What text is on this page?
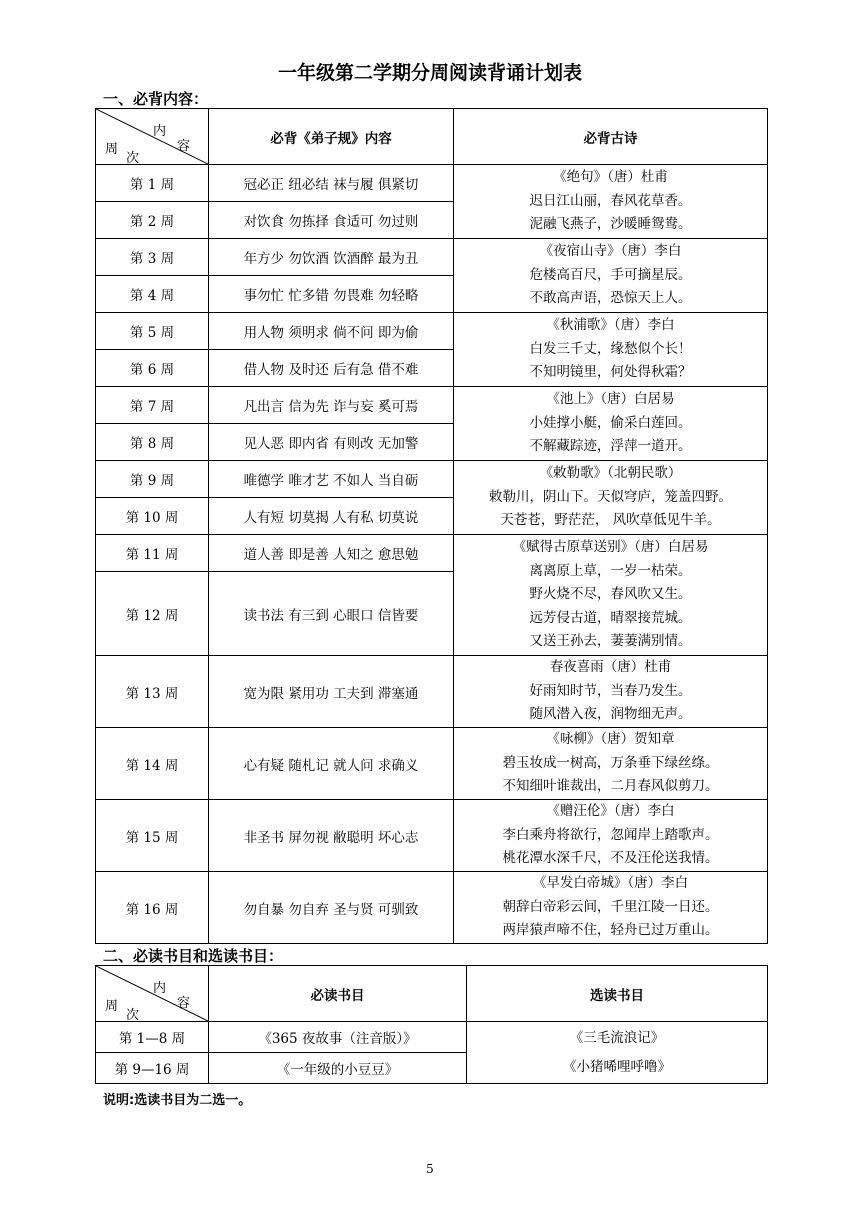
一年级第二学期分周阅读背诵计划表
一、必背内容：
内
容
周
次	必背《弟子规》内容	必背古诗
第 1 周	冠必正 纽必结 袜与履 俱紧切	《绝句》（唐）杜甫
迟日江山丽，春风花草香。
泥融飞燕子，沙暖睡鸳鸯。

第 2 周	对饮食 勿拣择 食适可 勿过则	
第 3 周	年方少 勿饮酒 饮酒醉 最为丑	《夜宿山寺》（唐）李白
危楼高百尺，手可摘星辰。
不敢高声语，恐惊天上人。

第 4 周	事勿忙 忙多错 勿畏难 勿轻略	
第 5 周	用人物 须明求 倘不问 即为偷	《秋浦歌》（唐）李白
白发三千丈，缘愁似个长！
不知明镜里，何处得秋霜？

第 6 周	借人物 及时还 后有急 借不难	
第 7 周	凡出言 信为先 诈与妄 奚可焉	《池上》（唐）白居易
小娃撑小艇，偷采白莲回。
不解藏踪迹，浮萍一道开。

第 8 周	见人恶 即内省 有则改 无加警	
第 9 周	唯德学 唯才艺 不如人 当自砺	《敕勒歌》（北朝民歌）
敕勒川，阴山下。天似穹庐，笼盖四野。
天苍苍，野茫茫， 风吹草低见牛羊。

第 10 周	人有短 切莫揭 人有私 切莫说	
第 11 周	道人善 即是善 人知之 愈思勉	《赋得古原草送别》（唐）白居易
离离原上草，一岁一枯荣。
野火烧不尽，春风吹又生。
远芳侵古道，晴翠接荒城。
又送王孙去，萋萋满别情。

第 12 周	读书法 有三到 心眼口 信皆要	
第 13 周	宽为限 紧用功 工夫到 滞塞通	春夜喜雨（唐）杜甫
好雨知时节，当春乃发生。
随风潜入夜，润物细无声。

第 14 周	心有疑 随札记 就人问 求确义	《咏柳》（唐）贺知章
碧玉妆成一树高，万条垂下绿丝绦。
不知细叶谁裁出，二月春风似剪刀。

第 15 周	非圣书 屏勿视 敝聪明 坏心志	《赠汪伦》（唐）李白
李白乘舟将欲行，忽闻岸上踏歌声。
桃花潭水深千尺，不及汪伦送我情。

第 16 周	勿自暴 勿自弃 圣与贤 可驯致	《早发白帝城》（唐）李白
朝辞白帝彩云间，千里江陵一日还。
两岸猿声啼不住，轻舟已过万重山。
二、必读书目和选读书目：
内
容
周
次	必读书目	选读书目
第 1—8 周	《365 夜故事（注音版）》	《三毛流浪记》
《小猪唏哩呼噜》

第 9—16 周	《一年级的小豆豆》	
说明:选读书目为二选一。
5
